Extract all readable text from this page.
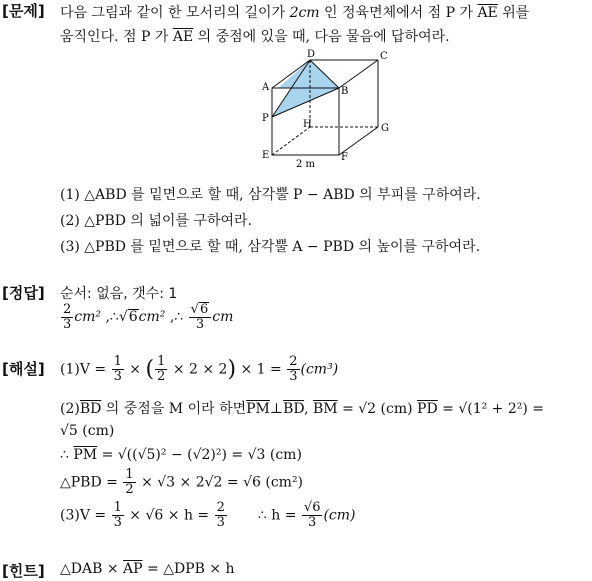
[문제] 다음 그림과 같이 한 모서리의 길이가 2cm 인 정육면체에서 점 P 가 $\overline{AE}$ 위를
움직인다. 점 P 가 $\overline{AE}$ 의 중점에 있을 때, 다음 물음에 답하여라.
A
D	C
B
P
H	G
E	F
2 m
(1) △ABD 를 밑면으로 할 때, 삼각뿔 P − ABD 의 부피를 구하여라.
(2) △PBD 의 넓이를 구하여라.
(3) △PBD 를 밑면으로 할 때, 삼각뿔 A − PBD 의 높이를 구하여라.
[정답] 순서: 없음, 갯수: 1
$\frac{2}{3} cm^2$ ,∴√6cm² ,∴ $\frac{√6}{3}$ cm
[해설] $(1)V = \frac{1}{3}$ × ( $\frac{1}{2} \times 2 \times 2) \times 1 = \frac{2}{3} (cm^3)$
$(2)\overline{BD}$ 의 중점을 M 이라 하면$\overline{PM}\perp\overline{BD}$, $\overline{BM} = √2$ (cm) $\overline{PD} = √(1^2 + 2^2)$ =
√5 (cm)
∴ $\overline{PM} = √((√5)^2 - (√2)^2) = √3$ (cm)
△PBD = $\frac{1}{2} \times √3 \times 2√2 = √6$ (cm²)
$(3)V = \frac{1}{3} \times √6 \times h = \frac{2}{3}$ ∴ $h = \frac{√6}{3} (cm)$
[힌트] △DAB × $\overline{AP}$ = △DPB × h
